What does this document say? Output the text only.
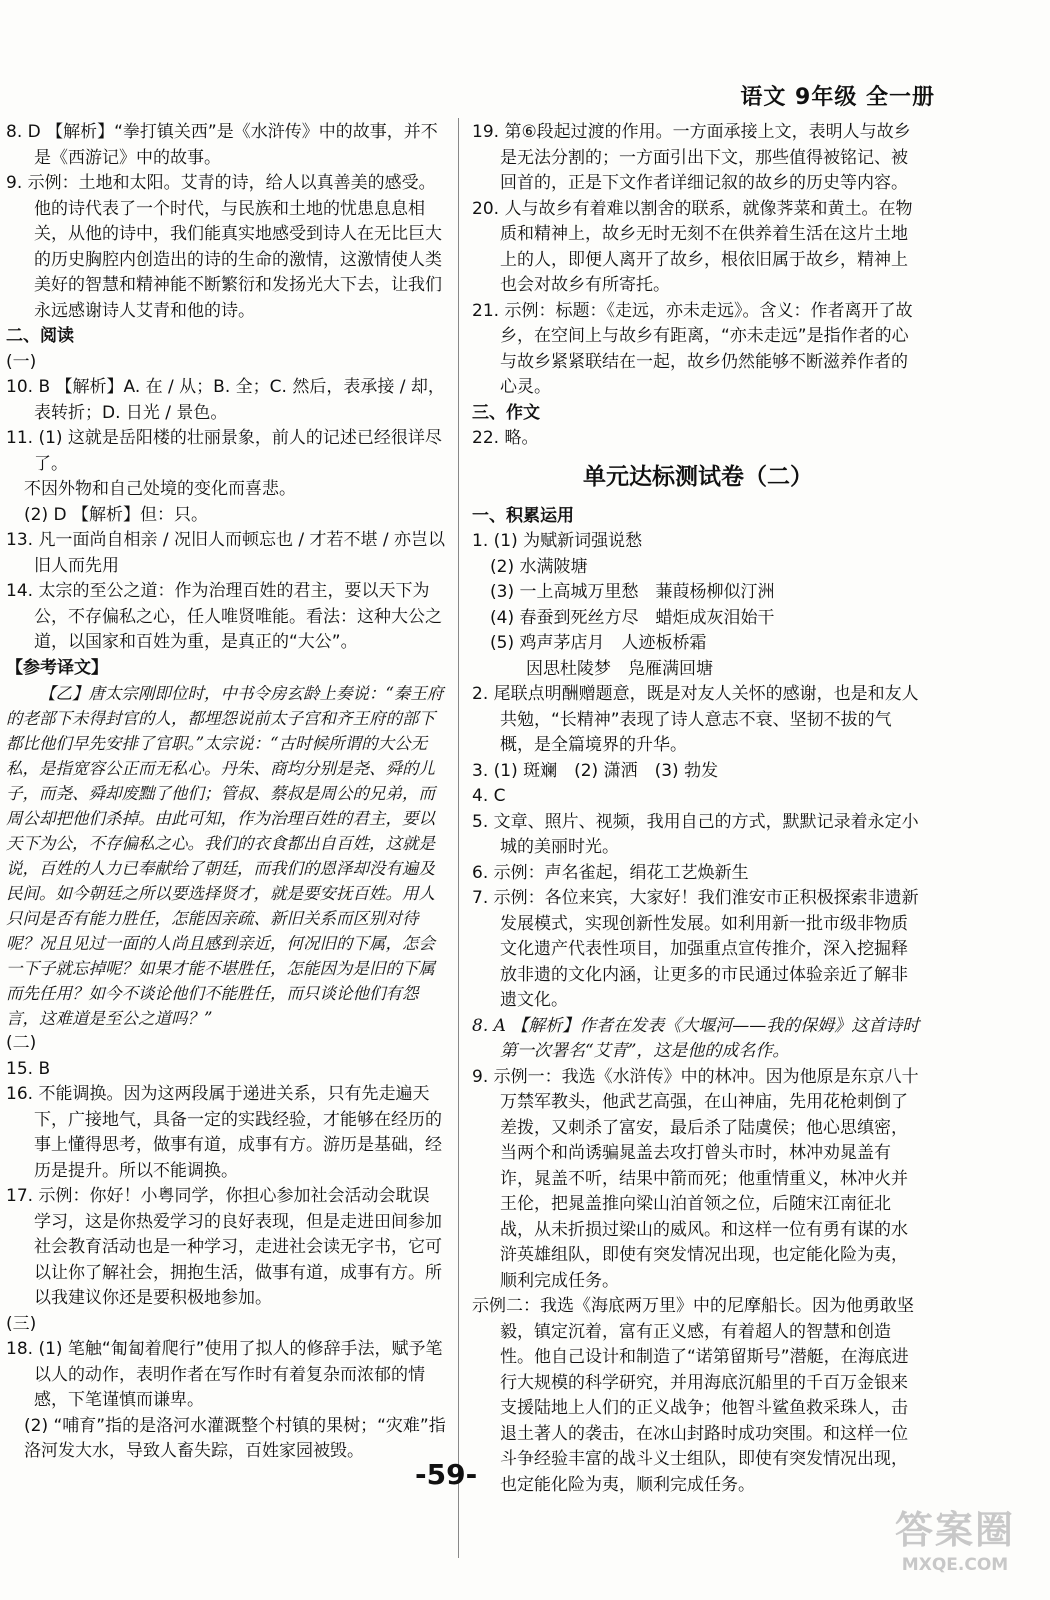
语文 9年级 全一册

8. D 【解析】“拳打镇关西”是《水浒传》中的故事，并不是《西游记》中的故事。

9. 示例：土地和太阳。艾青的诗，给人以真善美的感受。他的诗代表了一个时代，与民族和土地的忧患息息相关，从他的诗中，我们能真实地感受到诗人在无比巨大的历史胸腔内创造出的诗的生命的激情，这激情使人类美好的智慧和精神能不断繁衍和发扬光大下去，让我们永远感谢诗人艾青和他的诗。

二、阅读

(一)

10. B 【解析】A. 在 / 从；B. 全；C. 然后，表承接 / 却，表转折；D. 日光 / 景色。

11. (1) 这就是岳阳楼的壮丽景象，前人的记述已经很详尽了。

不因外物和自己处境的变化而喜悲。

(2) D 【解析】但：只。

13. 凡一面尚自相亲 / 况旧人而顿忘也 / 才若不堪 / 亦岂以旧人而先用

14. 太宗的至公之道：作为治理百姓的君主，要以天下为公，不存偏私之心，任人唯贤唯能。看法：这种大公之道，以国家和百姓为重，是真正的“大公”。

【参考译文】

【乙】唐太宗刚即位时，中书令房玄龄上奏说：“秦王府的老部下未得封官的人，都埋怨说前太子宫和齐王府的部下都比他们早先安排了官职。”太宗说：“古时候所谓的大公无私，是指宽容公正而无私心。丹朱、商均分别是尧、舜的儿子，而尧、舜却废黜了他们；管叔、蔡叔是周公的兄弟，而周公却把他们杀掉。由此可知，作为治理百姓的君主，要以天下为公，不存偏私之心。我们的衣食都出自百姓，这就是说，百姓的人力已奉献给了朝廷，而我们的恩泽却没有遍及民间。如今朝廷之所以要选择贤才，就是要安抚百姓。用人只问是否有能力胜任，怎能因亲疏、新旧关系而区别对待呢？况且见过一面的人尚且感到亲近，何况旧的下属，怎会一下子就忘掉呢？如果才能不堪胜任，怎能因为是旧的下属而先任用？如今不谈论他们不能胜任，而只谈论他们有怨言，这难道是至公之道吗？”

(二)

15. B

16. 不能调换。因为这两段属于递进关系，只有先走遍天下，广接地气，具备一定的实践经验，才能够在经历的事上懂得思考，做事有道，成事有方。游历是基础，经历是提升。所以不能调换。

17. 示例：你好！小粤同学，你担心参加社会活动会耽误学习，这是你热爱学习的良好表现，但是走进田间参加社会教育活动也是一种学习，走进社会读无字书，它可以让你了解社会，拥抱生活，做事有道，成事有方。所以我建议你还是要积极地参加。

(三)

18. (1) 笔触“匍匐着爬行”使用了拟人的修辞手法，赋予笔以人的动作，表明作者在写作时有着复杂而浓郁的情感，下笔谨慎而谦卑。

(2) “哺育”指的是洛河水灌溉整个村镇的果树；“灾难”指洛河发大水，导致人畜失踪，百姓家园被毁。

19. 第⑥段起过渡的作用。一方面承接上文，表明人与故乡是无法分割的；一方面引出下文，那些值得被铭记、被回首的，正是下文作者详细记叙的故乡的历史等内容。

20. 人与故乡有着难以割舍的联系，就像荠菜和黄土。在物质和精神上，故乡无时无刻不在供养着生活在这片土地上的人，即便人离开了故乡，根依旧属于故乡，精神上也会对故乡有所寄托。

21. 示例：标题：《走远，亦未走远》。含义：作者离开了故乡，在空间上与故乡有距离，“亦未走远”是指作者的心与故乡紧紧联结在一起，故乡仍然能够不断滋养作者的心灵。

三、作文

22. 略。

单元达标测试卷（二）

一、积累运用

1. (1) 为赋新词强说愁

(2) 水满陂塘

(3) 一上高城万里愁　蒹葭杨柳似汀洲

(4) 春蚕到死丝方尽　蜡炬成灰泪始干

(5) 鸡声茅店月　人迹板桥霜

因思杜陵梦　凫雁满回塘

2. 尾联点明酬赠题意，既是对友人关怀的感谢，也是和友人共勉，“长精神”表现了诗人意志不衰、坚韧不拔的气概，是全篇境界的升华。

3. (1) 斑斓　(2) 潇洒　(3) 勃发

4. C

5. 文章、照片、视频，我用自己的方式，默默记录着永定小城的美丽时光。

6. 示例：声名雀起，绢花工艺焕新生

7. 示例：各位来宾，大家好！我们淮安市正积极探索非遗新发展模式，实现创新性发展。如利用新一批市级非物质文化遗产代表性项目，加强重点宣传推介，深入挖掘释放非遗的文化内涵，让更多的市民通过体验亲近了解非遗文化。

8. A 【解析】作者在发表《大堰河——我的保姆》这首诗时第一次署名“艾青”，这是他的成名作。

9. 示例一：我选《水浒传》中的林冲。因为他原是东京八十万禁军教头，他武艺高强，在山神庙，先用花枪刺倒了差拨，又刺杀了富安，最后杀了陆虞侯；他心思缜密，当两个和尚诱骗晁盖去攻打曾头市时，林冲劝晁盖有诈，晁盖不听，结果中箭而死；他重情重义，林冲火并王伦，把晁盖推向梁山泊首领之位，后随宋江南征北战，从未折损过梁山的威风。和这样一位有勇有谋的水浒英雄组队，即使有突发情况出现，也定能化险为夷，顺利完成任务。

示例二：我选《海底两万里》中的尼摩船长。因为他勇敢坚毅，镇定沉着，富有正义感，有着超人的智慧和创造性。他自己设计和制造了“诺第留斯号”潜艇，在海底进行大规模的科学研究，并用海底沉船里的千百万金银来支援陆地上人们的正义战争；他智斗鲨鱼救采珠人，击退土著人的袭击，在冰山封路时成功突围。和这样一位斗争经验丰富的战斗义士组队，即使有突发情况出现，也定能化险为夷，顺利完成任务。

-59-
答案圈
MXQE.COM
